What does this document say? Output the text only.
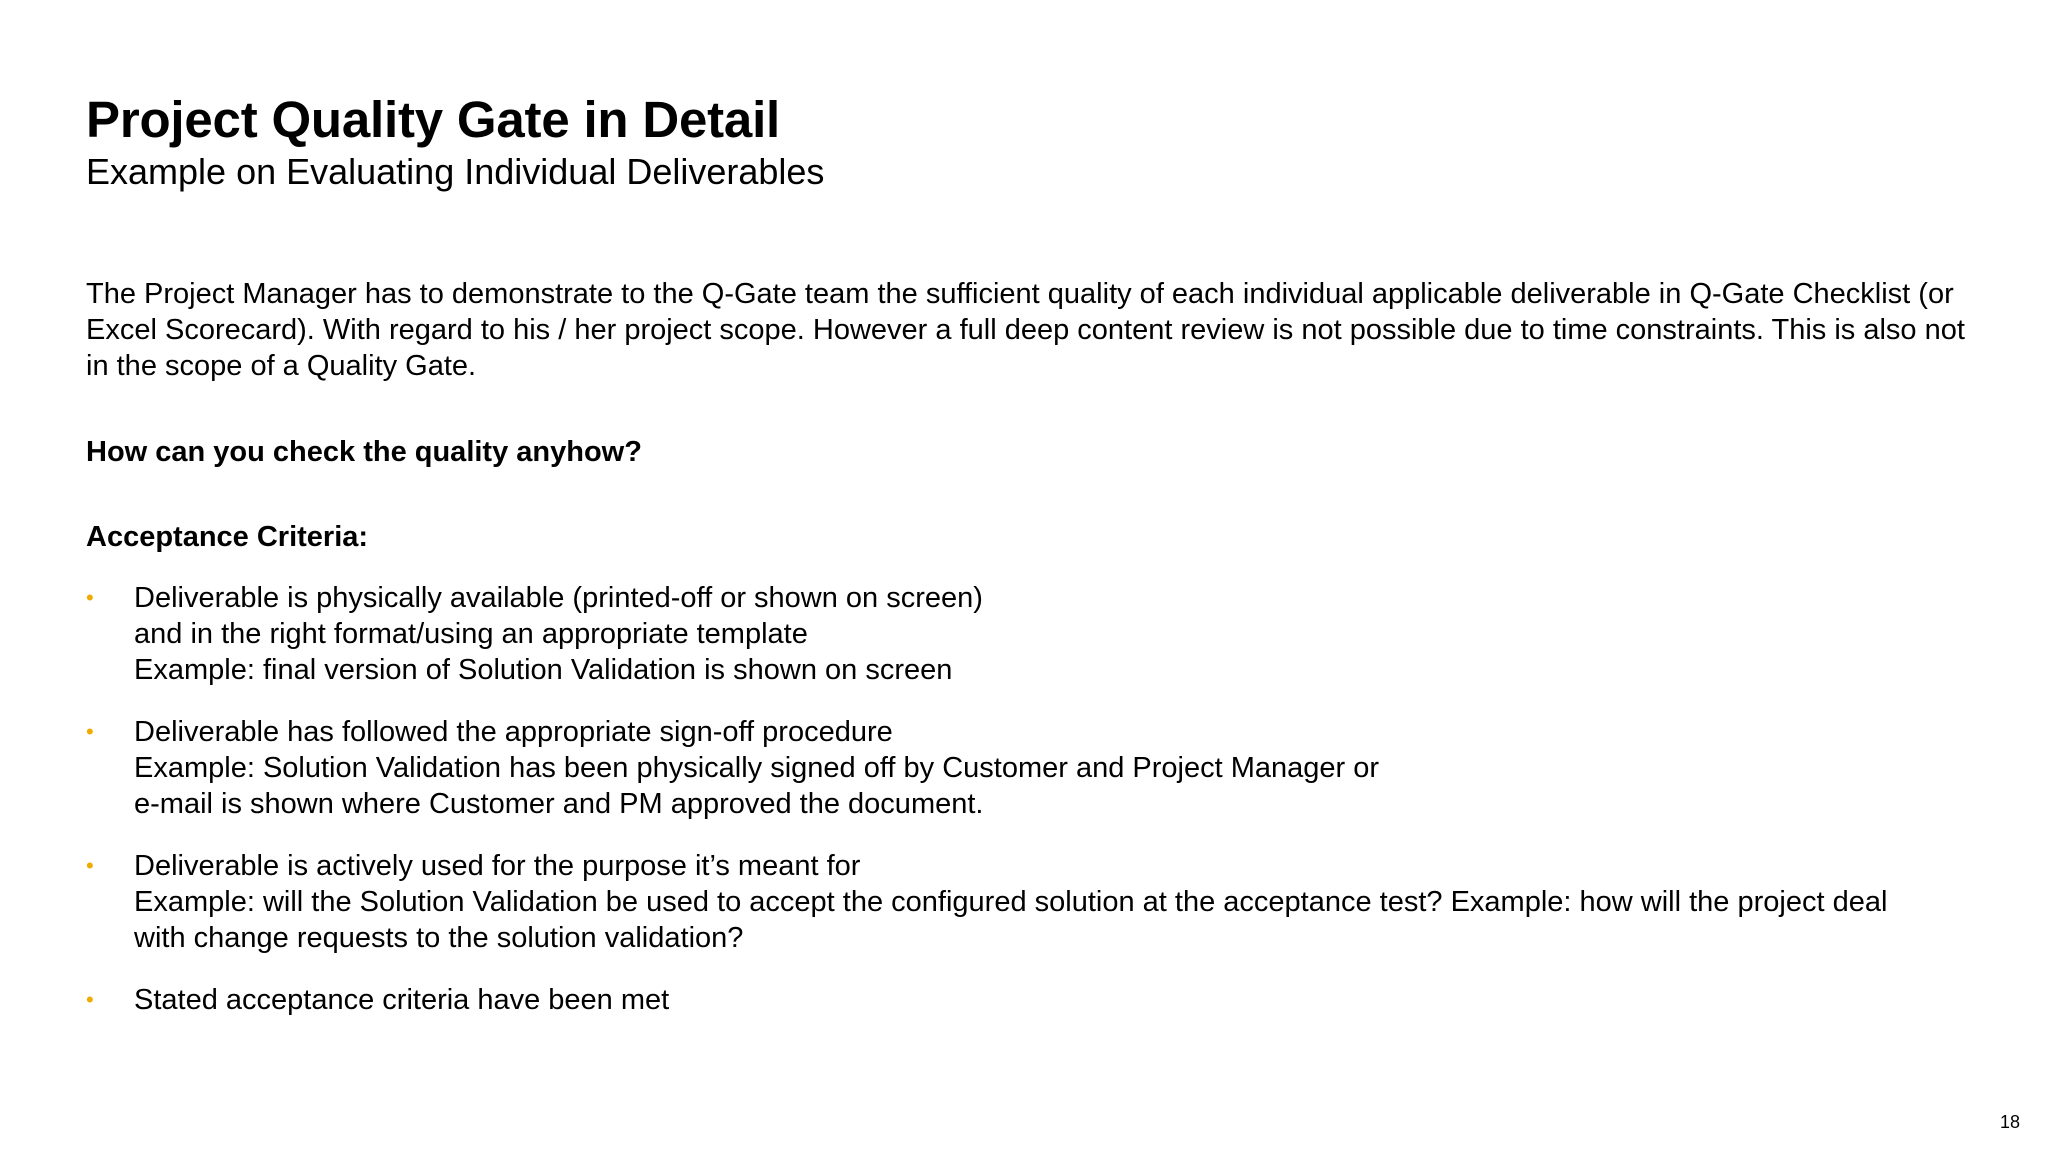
Project Quality Gate in Detail
Example on Evaluating Individual Deliverables

The Project Manager has to demonstrate to the Q-Gate team the sufficient quality of each individual applicable deliverable in Q-Gate Checklist (or Excel Scorecard). With regard to his / her project scope. However a full deep content review is not possible due to time constraints. This is also not in the scope of a Quality Gate.

How can you check the quality anyhow?

Acceptance Criteria:

•	Deliverable is physically available (printed-off or shown on screen)
and in the right format/using an appropriate template
Example: final version of Solution Validation is shown on screen
•	Deliverable has followed the appropriate sign-off procedure
Example: Solution Validation has been physically signed off by Customer and Project Manager or
e-mail is shown where Customer and PM approved the document.
•	Deliverable is actively used for the purpose it’s meant for
Example: will the Solution Validation be used to accept the configured solution at the acceptance test? Example: how will the project deal
with change requests to the solution validation?
•	Stated acceptance criteria have been met
18
